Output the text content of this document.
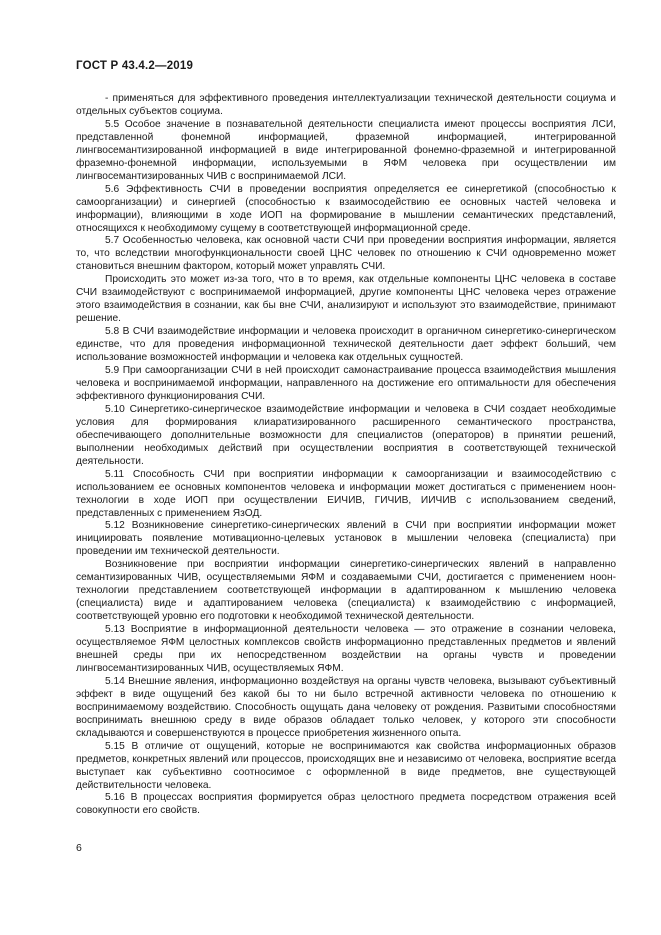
ГОСТ Р 43.4.2—2019

- применяться для эффективного проведения интеллектуализации технической деятельности социума и отдельных субъектов социума.

5.5 Особое значение в познавательной деятельности специалиста имеют процессы восприятия ЛСИ, представленной фонемной информацией, фраземной информацией, интегрированной лингвосемантизированной информацией в виде интегрированной фонемно-фраземной и интегрированной фраземно-фонемной информации, используемыми в ЯФМ человека при осуществлении им лингвосемантизированных ЧИВ с воспринимаемой ЛСИ.

5.6 Эффективность СЧИ в проведении восприятия определяется ее синергетикой (способностью к самоорганизации) и синергией (способностью к взаимосодействию ее основных частей человека и информации), влияющими в ходе ИОП на формирование в мышлении семантических представлений, относящихся к необходимому сущему в соответствующей информационной среде.

5.7 Особенностью человека, как основной части СЧИ при проведении восприятия информации, является то, что вследствии многофункциональности своей ЦНС человек по отношению к СЧИ одновременно может становиться внешним фактором, который может управлять СЧИ.

Происходить это может из-за того, что в то время, как отдельные компоненты ЦНС человека в составе СЧИ взаимодействуют с воспринимаемой информацией, другие компоненты ЦНС человека через отражение этого взаимодействия в сознании, как бы вне СЧИ, анализируют и используют это взаимодействие, принимают решение.

5.8 В СЧИ взаимодействие информации и человека происходит в органичном синергетико-синергическом единстве, что для проведения информационной технической деятельности дает эффект больший, чем использование возможностей информации и человека как отдельных сущностей.

5.9 При самоорганизации СЧИ в ней происходит самонастраивание процесса взаимодействия мышления человека и воспринимаемой информации, направленного на достижение его оптимальности для обеспечения эффективного функционирования СЧИ.

5.10 Синергетико-синергическое взаимодействие информации и человека в СЧИ создает необходимые условия для формирования клиаратизированного расширенного семантического пространства, обеспечивающего дополнительные возможности для специалистов (операторов) в принятии решений, выполнении необходимых действий при осуществлении восприятия в соответствующей технической деятельности.

5.11 Способность СЧИ при восприятии информации к самоорганизации и взаимосодействию с использованием ее основных компонентов человека и информации может достигаться с применением ноон-технологии в ходе ИОП при осуществлении ЕИЧИВ, ГИЧИВ, ИИЧИВ с использованием сведений, представленных с применением ЯзОД.

5.12 Возникновение синергетико-синергических явлений в СЧИ при восприятии информации может инициировать появление мотивационно-целевых установок в мышлении человека (специалиста) при проведении им технической деятельности.

Возникновение при восприятии информации синергетико-синергических явлений в направленно семантизированных ЧИВ, осуществляемыми ЯФМ и создаваемыми СЧИ, достигается с применением ноон-технологии представлением соответствующей информации в адаптированном к мышлению человека (специалиста) виде и адаптированием человека (специалиста) к взаимодействию с информацией, соответствующей уровню его подготовки к необходимой технической деятельности.

5.13 Восприятие в информационной деятельности человека — это отражение в сознании человека, осуществляемое ЯФМ целостных комплексов свойств информационно представленных предметов и явлений внешней среды при их непосредственном воздействии на органы чувств и проведении лингвосемантизированных ЧИВ, осуществляемых ЯФМ.

5.14 Внешние явления, информационно воздействуя на органы чувств человека, вызывают субъективный эффект в виде ощущений без какой бы то ни было встречной активности человека по отношению к воспринимаемому воздействию. Способность ощущать дана человеку от рождения. Развитыми способностями воспринимать внешнюю среду в виде образов обладает только человек, у которого эти способности складываются и совершенствуются в процессе приобретения жизненного опыта.

5.15 В отличие от ощущений, которые не воспринимаются как свойства информационных образов предметов, конкретных явлений или процессов, происходящих вне и независимо от человека, восприятие всегда выступает как субъективно соотносимое с оформленной в виде предметов, вне существующей действительности человека.

5.16 В процессах восприятия формируется образ целостного предмета посредством отражения всей совокупности его свойств.

6
